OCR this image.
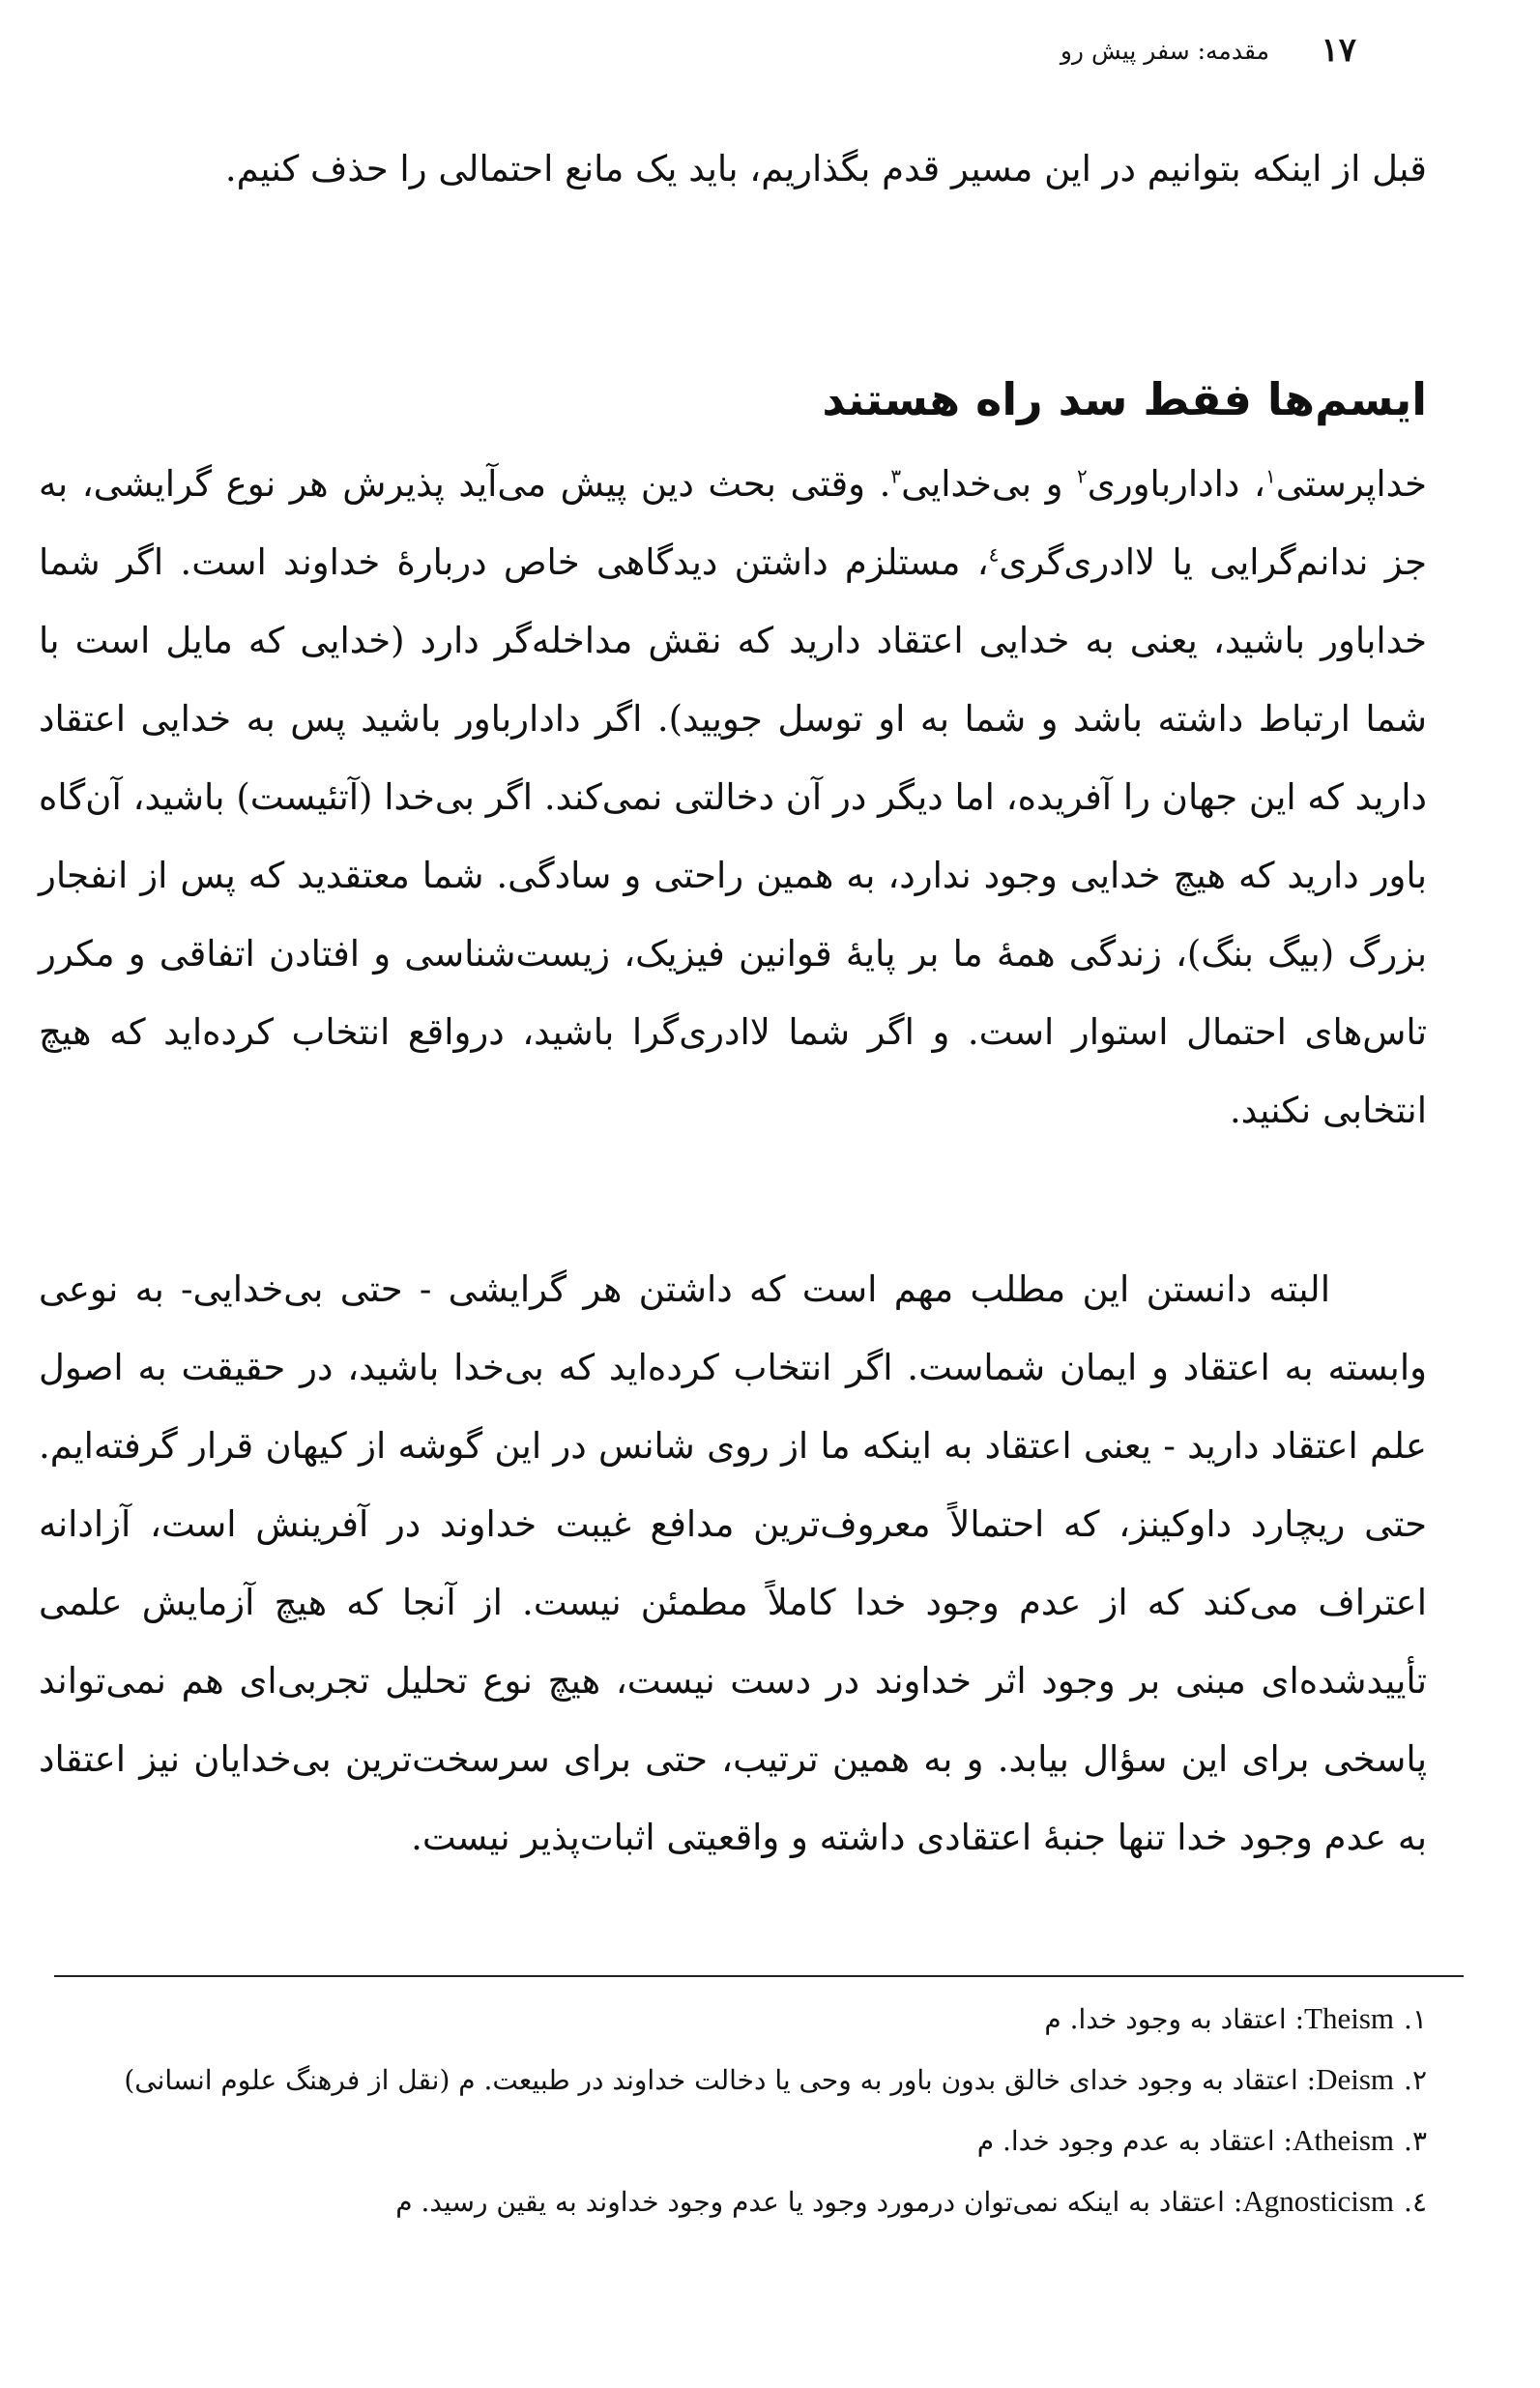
۱۷
مقدمه: سفر پیش رو

قبل از اینکه بتوانیم در این مسیر قدم بگذاریم، باید یک مانع احتمالی را حذف کنیم.

ایسم‌ها فقط سد راه هستند

خداپرستی$^۱$، دادارباوری$^۲$ و بی‌خدایی$^۳$. وقتی بحث دین پیش می‌آید پذیرش هر نوع گرایشی، به جز ندانم‌گرایی یا لاادری‌گری$^٤$، مستلزم داشتن دیدگاهی خاص دربارهٔ خداوند است. اگر شما خداباور باشید، یعنی به خدایی اعتقاد دارید که نقش مداخله‌گر دارد (خدایی که مایل است با شما ارتباط داشته باشد و شما به او توسل جویید). اگر دادارباور باشید پس به خدایی اعتقاد دارید که این جهان را آفریده، اما دیگر در آن دخالتی نمی‌کند. اگر بی‌خدا (آتئیست) باشید، آن‌گاه باور دارید که هیچ خدایی وجود ندارد، به همین راحتی و سادگی. شما معتقدید که پس از انفجار بزرگ (بیگ بنگ)، زندگی همهٔ ما بر پایهٔ قوانین فیزیک، زیست‌شناسی و افتادن اتفاقی و مکرر تاس‌های احتمال استوار است. و اگر شما لاادری‌گرا باشید، درواقع انتخاب کرده‌اید که هیچ انتخابی نکنید.

البته دانستن این مطلب مهم است که داشتن هر گرایشی - حتی بی‌خدایی- به نوعی وابسته به اعتقاد و ایمان شماست. اگر انتخاب کرده‌اید که بی‌خدا باشید، در حقیقت به اصول علم اعتقاد دارید - یعنی اعتقاد به اینکه ما از روی شانس در این گوشه از کیهان قرار گرفته‌ایم. حتی ریچارد داوکینز، که احتمالاً معروف‌ترین مدافع غیبت خداوند در آفرینش است، آزادانه اعتراف می‌کند که از عدم وجود خدا کاملاً مطمئن نیست. از آنجا که هیچ آزمایش علمی تأییدشده‌ای مبنی بر وجود اثر خداوند در دست نیست، هیچ نوع تحلیل تجربی‌ای هم نمی‌تواند پاسخی برای این سؤال بیابد. و به همین ترتیب، حتی برای سرسخت‌ترین بی‌خدایان نیز اعتقاد به عدم وجود خدا تنها جنبهٔ اعتقادی داشته و واقعیتی اثبات‌پذیر نیست.

۱.Theism: اعتقاد به وجود خدا. م

۲.Deism: اعتقاد به وجود خدای خالق بدون باور به وحی یا دخالت خداوند در طبیعت. م (نقل از فرهنگ علوم انسانی)

۳.Atheism: اعتقاد به عدم وجود خدا. م

٤.Agnosticism: اعتقاد به اینکه نمی‌توان درمورد وجود یا عدم وجود خداوند به یقین رسید. م
